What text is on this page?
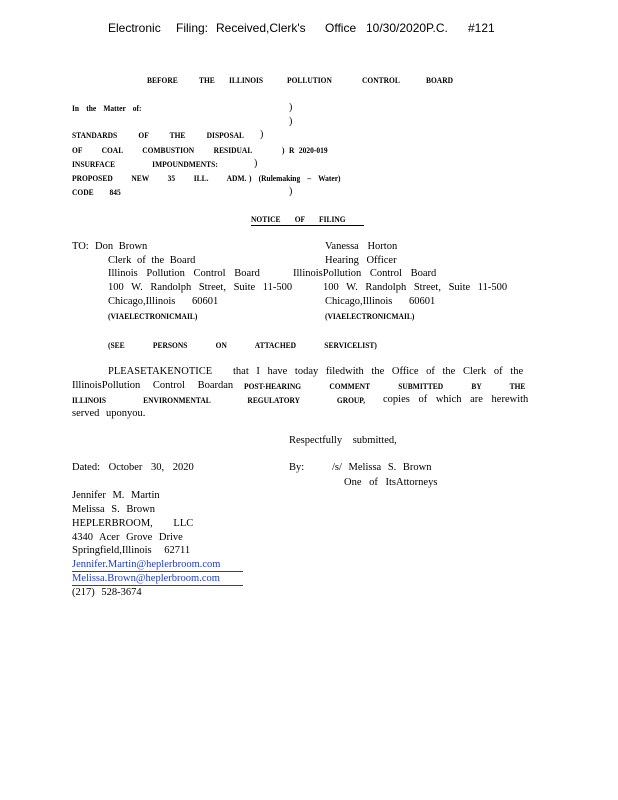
Electronic Filing: Received,Clerk's Office 10/30/2020P.C. #121
BEFORE THE ILLINOIS	POLLUTION	CONTROL	BOARD
In the Matter of:	)
)
STANDARDS OF THE DISPOSAL )
OF COAL COMBUSTION RESIDUAL	) R 2020-019
INSURFACE IMPOUNDMENTS:	)
PROPOSED NEW 35 ILL. ADM. ) (Rulemaking – Water)
CODE 845	)
NOTICE OF FILING
TO: Don Brown
Clerk of the Board
Illinois Pollution Control Board
100 W. Randolph Street, Suite 11-500
Chicago,Illinois 60601
(VIAELECTRONICMAIL)
Vanessa Horton
Hearing Officer
IllinoisPollution Control Board
100 W. Randolph Street, Suite 11-500
Chicago,Illinois 60601
(VIAELECTRONICMAIL)
(SEE PERSONS ON ATTACHED SERVICELIST)
PLEASETAKENOTICE that I have today filedwith the Office of the Clerk of the
IllinoisPollution Control Boardan POST-HEARING COMMENT SUBMITTED BY THE
ILLINOIS ENVIRONMENTAL REGULATORY GROUP, copies of which are herewith
served uponyou.
Respectfully submitted,
Dated: October 30, 2020	By:	/s/ Melissa S. Brown
One of ItsAttorneys
Jennifer M. Martin
Melissa S. Brown
HEPLERBROOM, LLC
4340 Acer Grove Drive
Springfield,Illinois 62711
Jennifer.Martin@heplerbroom.com
Melissa.Brown@heplerbroom.com
(217) 528-3674
